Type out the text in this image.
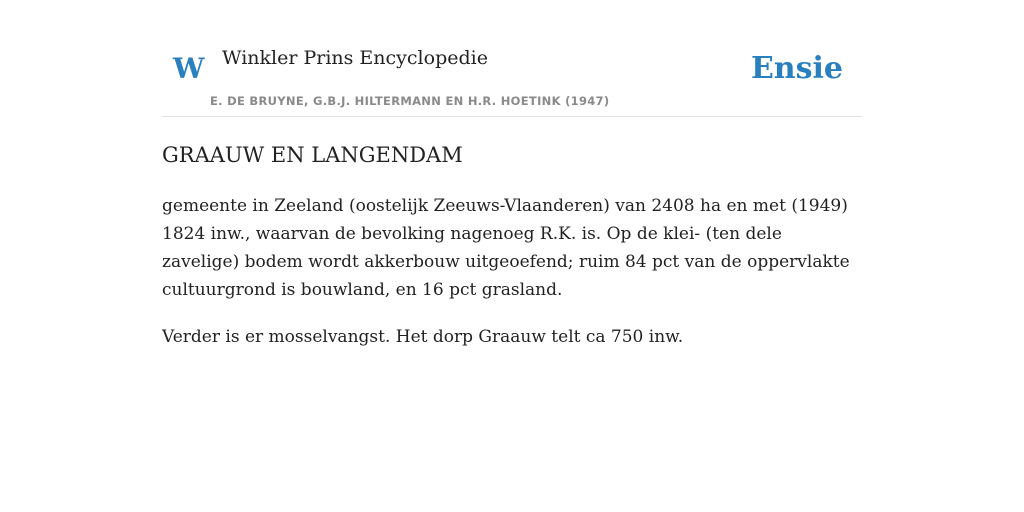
W Winkler Prins Encyclopedie
E. DE BRUYNE, G.B.J. HILTERMANN EN H.R. HOETINK (1947)
Ensie
GRAAUW EN LANGENDAM

gemeente in Zeeland (oostelijk Zeeuws-Vlaanderen) van 2408 ha en met (1949) 1824 inw., waarvan de bevolking nagenoeg R.K. is. Op de klei- (ten dele zavelige) bodem wordt akkerbouw uitgeoefend; ruim 84 pct van de oppervlakte cultuurgrond is bouwland, en 16 pct grasland.

Verder is er mosselvangst. Het dorp Graauw telt ca 750 inw.
